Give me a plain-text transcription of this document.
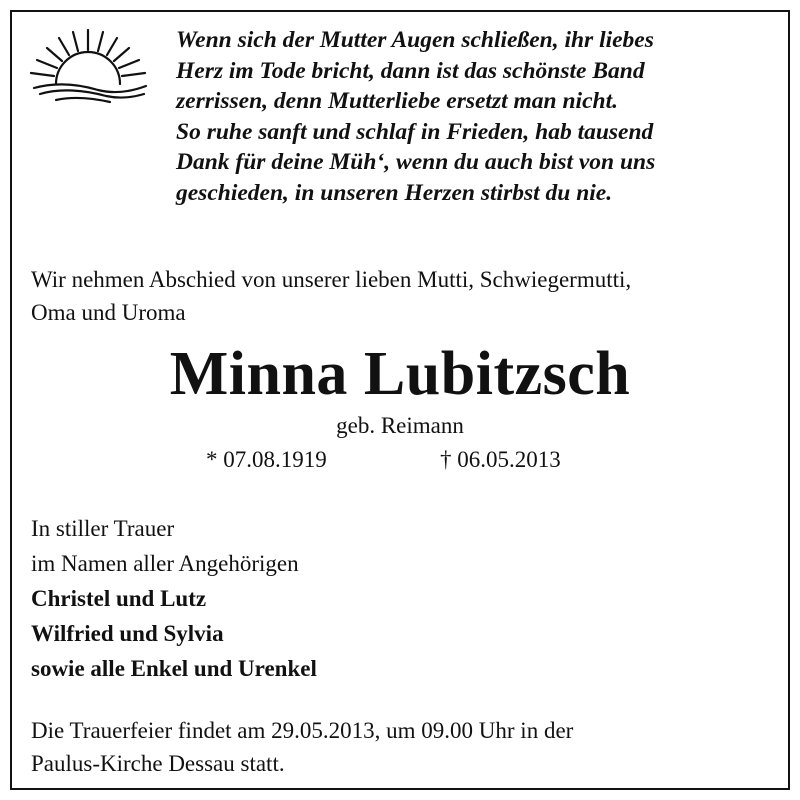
Wenn sich der Mutter Augen schließen, ihr liebes
Herz im Tode bricht, dann ist das schönste Band
zerrissen, denn Mutterliebe ersetzt man nicht.
So ruhe sanft und schlaf in Frieden, hab tausend
Dank für deine Müh‘, wenn du auch bist von uns
geschieden, in unseren Herzen stirbst du nie.
Wir nehmen Abschied von unserer lieben Mutti, Schwiegermutti,
Oma und Uroma
Minna Lubitzsch
geb. Reimann
* 07.08.1919	† 06.05.2013
In stiller Trauer
im Namen aller Angehörigen
Christel und Lutz
Wilfried und Sylvia
sowie alle Enkel und Urenkel
Die Trauerfeier findet am 29.05.2013, um 09.00 Uhr in der
Paulus-Kirche Dessau statt.
